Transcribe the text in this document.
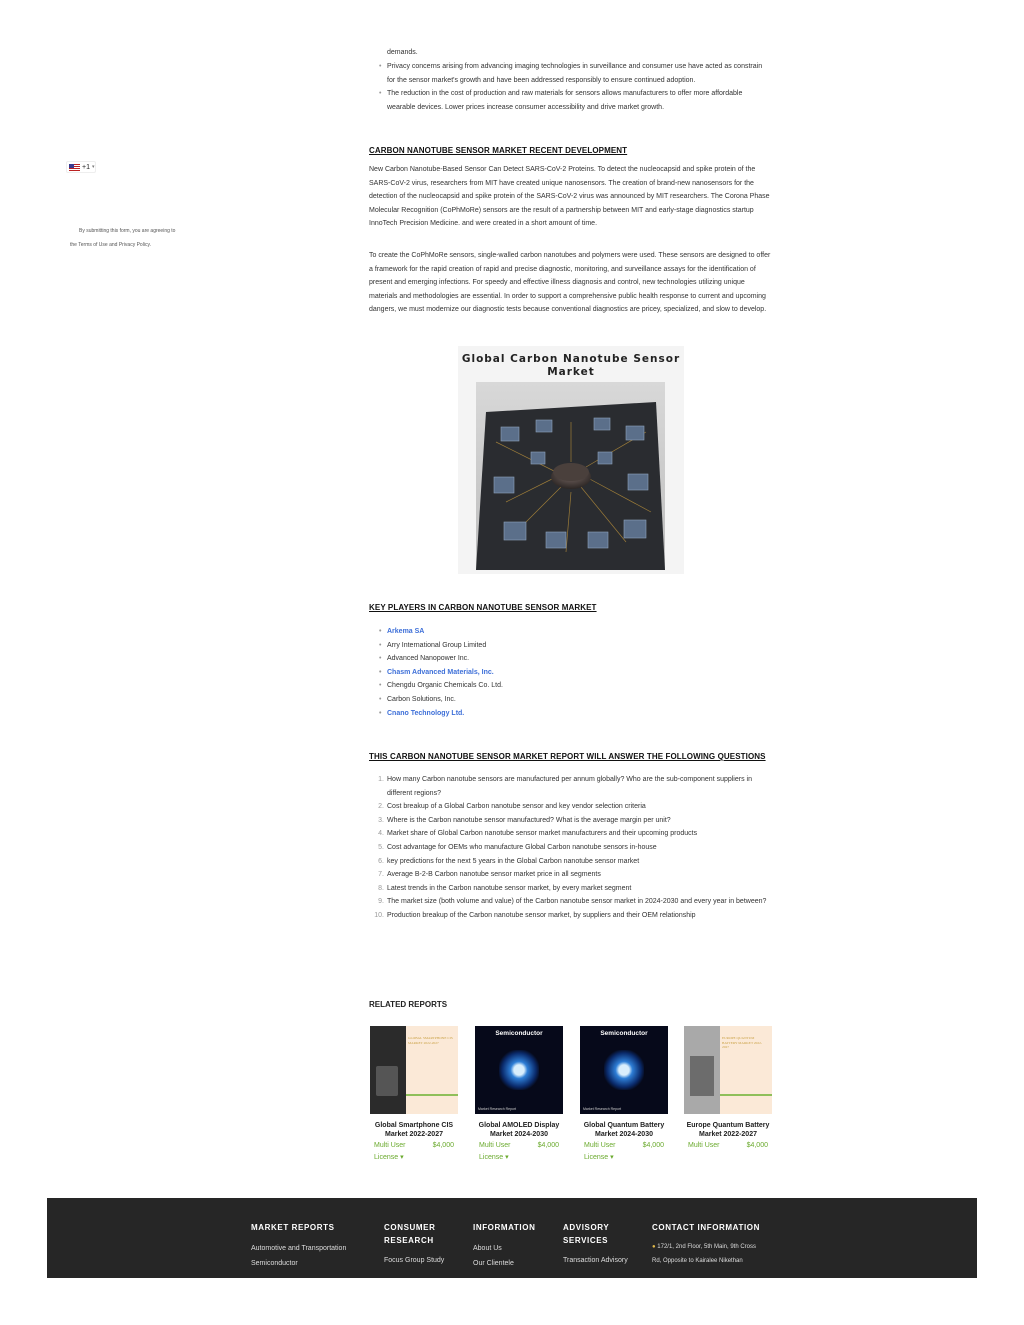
demands.
• Privacy concerns arising from advancing imaging technologies in surveillance and consumer use have acted as constrain for the sensor market's growth and have been addressed responsibly to ensure continued adoption.
• The reduction in the cost of production and raw materials for sensors allows manufacturers to offer more affordable wearable devices. Lower prices increase consumer accessibility and drive market growth.
+1 ▾
By submitting this form, you are agreeing to
the Terms of Use and Privacy Policy.
CARBON NANOTUBE SENSOR MARKET RECENT DEVELOPMENT
New Carbon Nanotube-Based Sensor Can Detect SARS-CoV-2 Proteins. To detect the nucleocapsid and spike protein of the SARS-CoV-2 virus, researchers from MIT have created unique nanosensors. The creation of brand-new nanosensors for the detection of the nucleocapsid and spike protein of the SARS-CoV-2 virus was announced by MIT researchers. The Corona Phase Molecular Recognition (CoPhMoRe) sensors are the result of a partnership between MIT and early-stage diagnostics startup InnoTech Precision Medicine. and were created in a short amount of time.
To create the CoPhMoRe sensors, single-walled carbon nanotubes and polymers were used. These sensors are designed to offer a framework for the rapid creation of rapid and precise diagnostic, monitoring, and surveillance assays for the identification of present and emerging infections. For speedy and effective illness diagnosis and control, new technologies utilizing unique materials and methodologies are essential. In order to support a comprehensive public health response to current and upcoming dangers, we must modernize our diagnostic tests because conventional diagnostics are pricey, specialized, and slow to develop.
Global Carbon Nanotube Sensor
Market
KEY PLAYERS IN CARBON NANOTUBE SENSOR MARKET
• Arkema SA
• Arry International Group Limited
• Advanced Nanopower Inc.
• Chasm Advanced Materials, Inc.
• Chengdu Organic Chemicals Co. Ltd.
• Carbon Solutions, Inc.
• Cnano Technology Ltd.
THIS CARBON NANOTUBE SENSOR MARKET REPORT WILL ANSWER THE FOLLOWING QUESTIONS
1. How many Carbon nanotube sensors are manufactured per annum globally? Who are the sub-component suppliers in different regions?
2. Cost breakup of a Global Carbon nanotube sensor and key vendor selection criteria
3. Where is the Carbon nanotube sensor manufactured? What is the average margin per unit?
4. Market share of Global Carbon nanotube sensor market manufacturers and their upcoming products
5. Cost advantage for OEMs who manufacture Global Carbon nanotube sensors in-house
6. key predictions for the next 5 years in the Global Carbon nanotube sensor market
7. Average B-2-B Carbon nanotube sensor market price in all segments
8. Latest trends in the Carbon nanotube sensor market, by every market segment
9. The market size (both volume and value) of the Carbon nanotube sensor market in 2024-2030 and every year in between?
10. Production breakup of the Carbon nanotube sensor market, by suppliers and their OEM relationship
RELATED REPORTS
GLOBAL SMARTPHONE CIS MARKET 2022-2027
Global Smartphone CIS Market 2022-2027
Multi User	$4,000
License ▾
Semiconductor
Market Research Report
Global AMOLED Display Market 2024-2030
Multi User	$4,000
License ▾
Semiconductor
Market Research Report
Global Quantum Battery Market 2024-2030
Multi User	$4,000
License ▾
EUROPE QUANTUM BATTERY MARKET 2022-2027
Europe Quantum Battery Market 2022-2027
Multi User	$4,000
MARKET REPORTS
Automotive and Transportation
Semiconductor
CONSUMER
RESEARCH
Focus Group Study
INFORMATION
About Us
Our Clientele
ADVISORY
SERVICES
Transaction Advisory
CONTACT INFORMATION
● 172/1, 2nd Floor, 5th Main, 9th Cross
Rd, Opposite to Kairalee Nikethan
